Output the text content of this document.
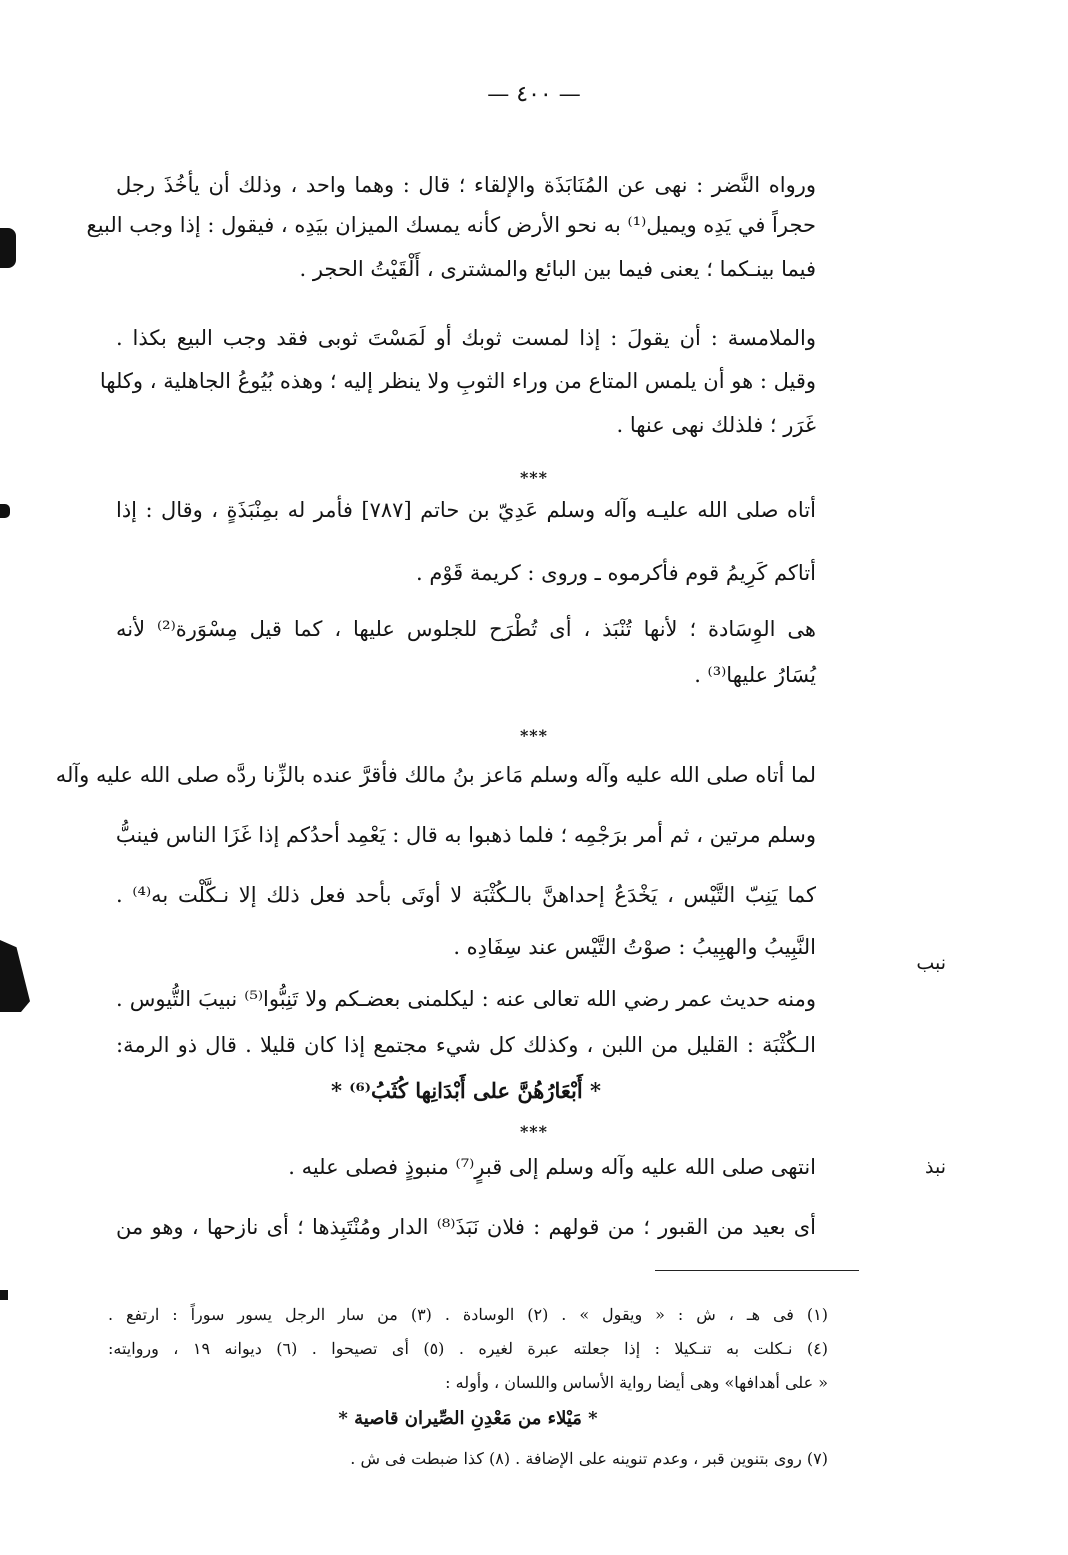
— ٤٠٠ —
ورواه النَّضر : نهى عن المُنَابَذَة والإلقاء ؛ قال : وهما واحد ، وذلك أن يأخُذَ رجل
حجراً في يَدِه ويميل⁽¹⁾ به نحو الأرض كأنه يمسك الميزان بيَدِه ، فيقول : إذا وجب البيع
فيما بينـكما ؛ يعنى فيما بين البائع والمشترى ، أَلْقَيْتُ الحجر .
والملامسة : أن يقولَ : إذا لمست ثوبك أو لَمَسْتَ ثوبى فقد وجب البيع بكذا .
وقيل : هو أن يلمس المتاع من وراء الثوبِ ولا ينظر إليه ؛ وهذه بُيُوعُ الجاهلية ، وكلها
غَرَر ؛ فلذلك نهى عنها .
***
أتاه صلى الله عليـه وآله وسلم عَدِيّ بن حاتم [٧٨٧] فأمر له بمِنْبَذَةٍ ، وقال : إذا
أتاكم كَرِيمُ قوم فأكرموه ـ وروى : كريمة قَوْم .
هى الوِسَادة ؛ لأنها تُنْبَذ ، أى تُطْرَح للجلوس عليها ، كما قيل مِسْوَرة⁽²⁾ لأنه
يُسَارُ عليها⁽³⁾ .
***
لما أتاه صلى الله عليه وآله وسلم مَاعز بنُ مالك فأقرَّ عنده بالزِّنا ردَّه صلى الله عليه وآله
وسلم مرتين ، ثم أمر برَجْمِه ؛ فلما ذهبوا به قال : يَعْمِد أحدُكم إذا غَزَا الناس فينبُّ
كما يَنِبّ التَّيْس ، يَخْدَعُ إحداهنَّ بالـكُثْبَة لا أوتَى بأحد فعل ذلك إلا نـكَّلْت به⁽⁴⁾ .
النَّبِيبُ والهبِيبُ : صوْتُ التَّيْس عند سِفَادِه .
ومنه حديث عمر رضي الله تعالى عنه : ليكلمنى بعضـكم ولا تَنِبُّوا⁽⁵⁾ نبيبَ التُّيوس .
الـكُثْبَة : القليل من اللبن ، وكذلك كل شيء مجتمع إذا كان قليلا . قال ذو الرمة:
* أَبْعَارُهُنَّ على أَبْدَانِها كُثَبُ⁽⁶⁾ *
نبب
***
انتهى صلى الله عليه وآله وسلم إلى قبرٍ⁽⁷⁾ منبوذٍ فصلى عليه .
أى بعيد من القبور ؛ من قولهم : فلان نَبَذَ⁽⁸⁾ الدار ومُنْتَبِذها ؛ أى نازحها ، وهو من
نبذ
(١) فى هـ ، ش : « ويقول » . (٢) الوسادة . (٣) من سار الرجل يسور سوراً : ارتفع .
(٤) نـكلت به تنـكيلا : إذا جعلته عبرة لغيره . (٥) أى تصيحوا . (٦) ديوانه ١٩ ، وروايته:
« على أهدافها» وهى أيضا رواية الأساس واللسان ، وأوله :
* مَيْلاء من مَعْدِنِ الصِّيران قاصية *
(٧) روى بتنوين قبر ، وعدم تنوينه على الإضافة . (٨) كذا ضبطت فى ش .
